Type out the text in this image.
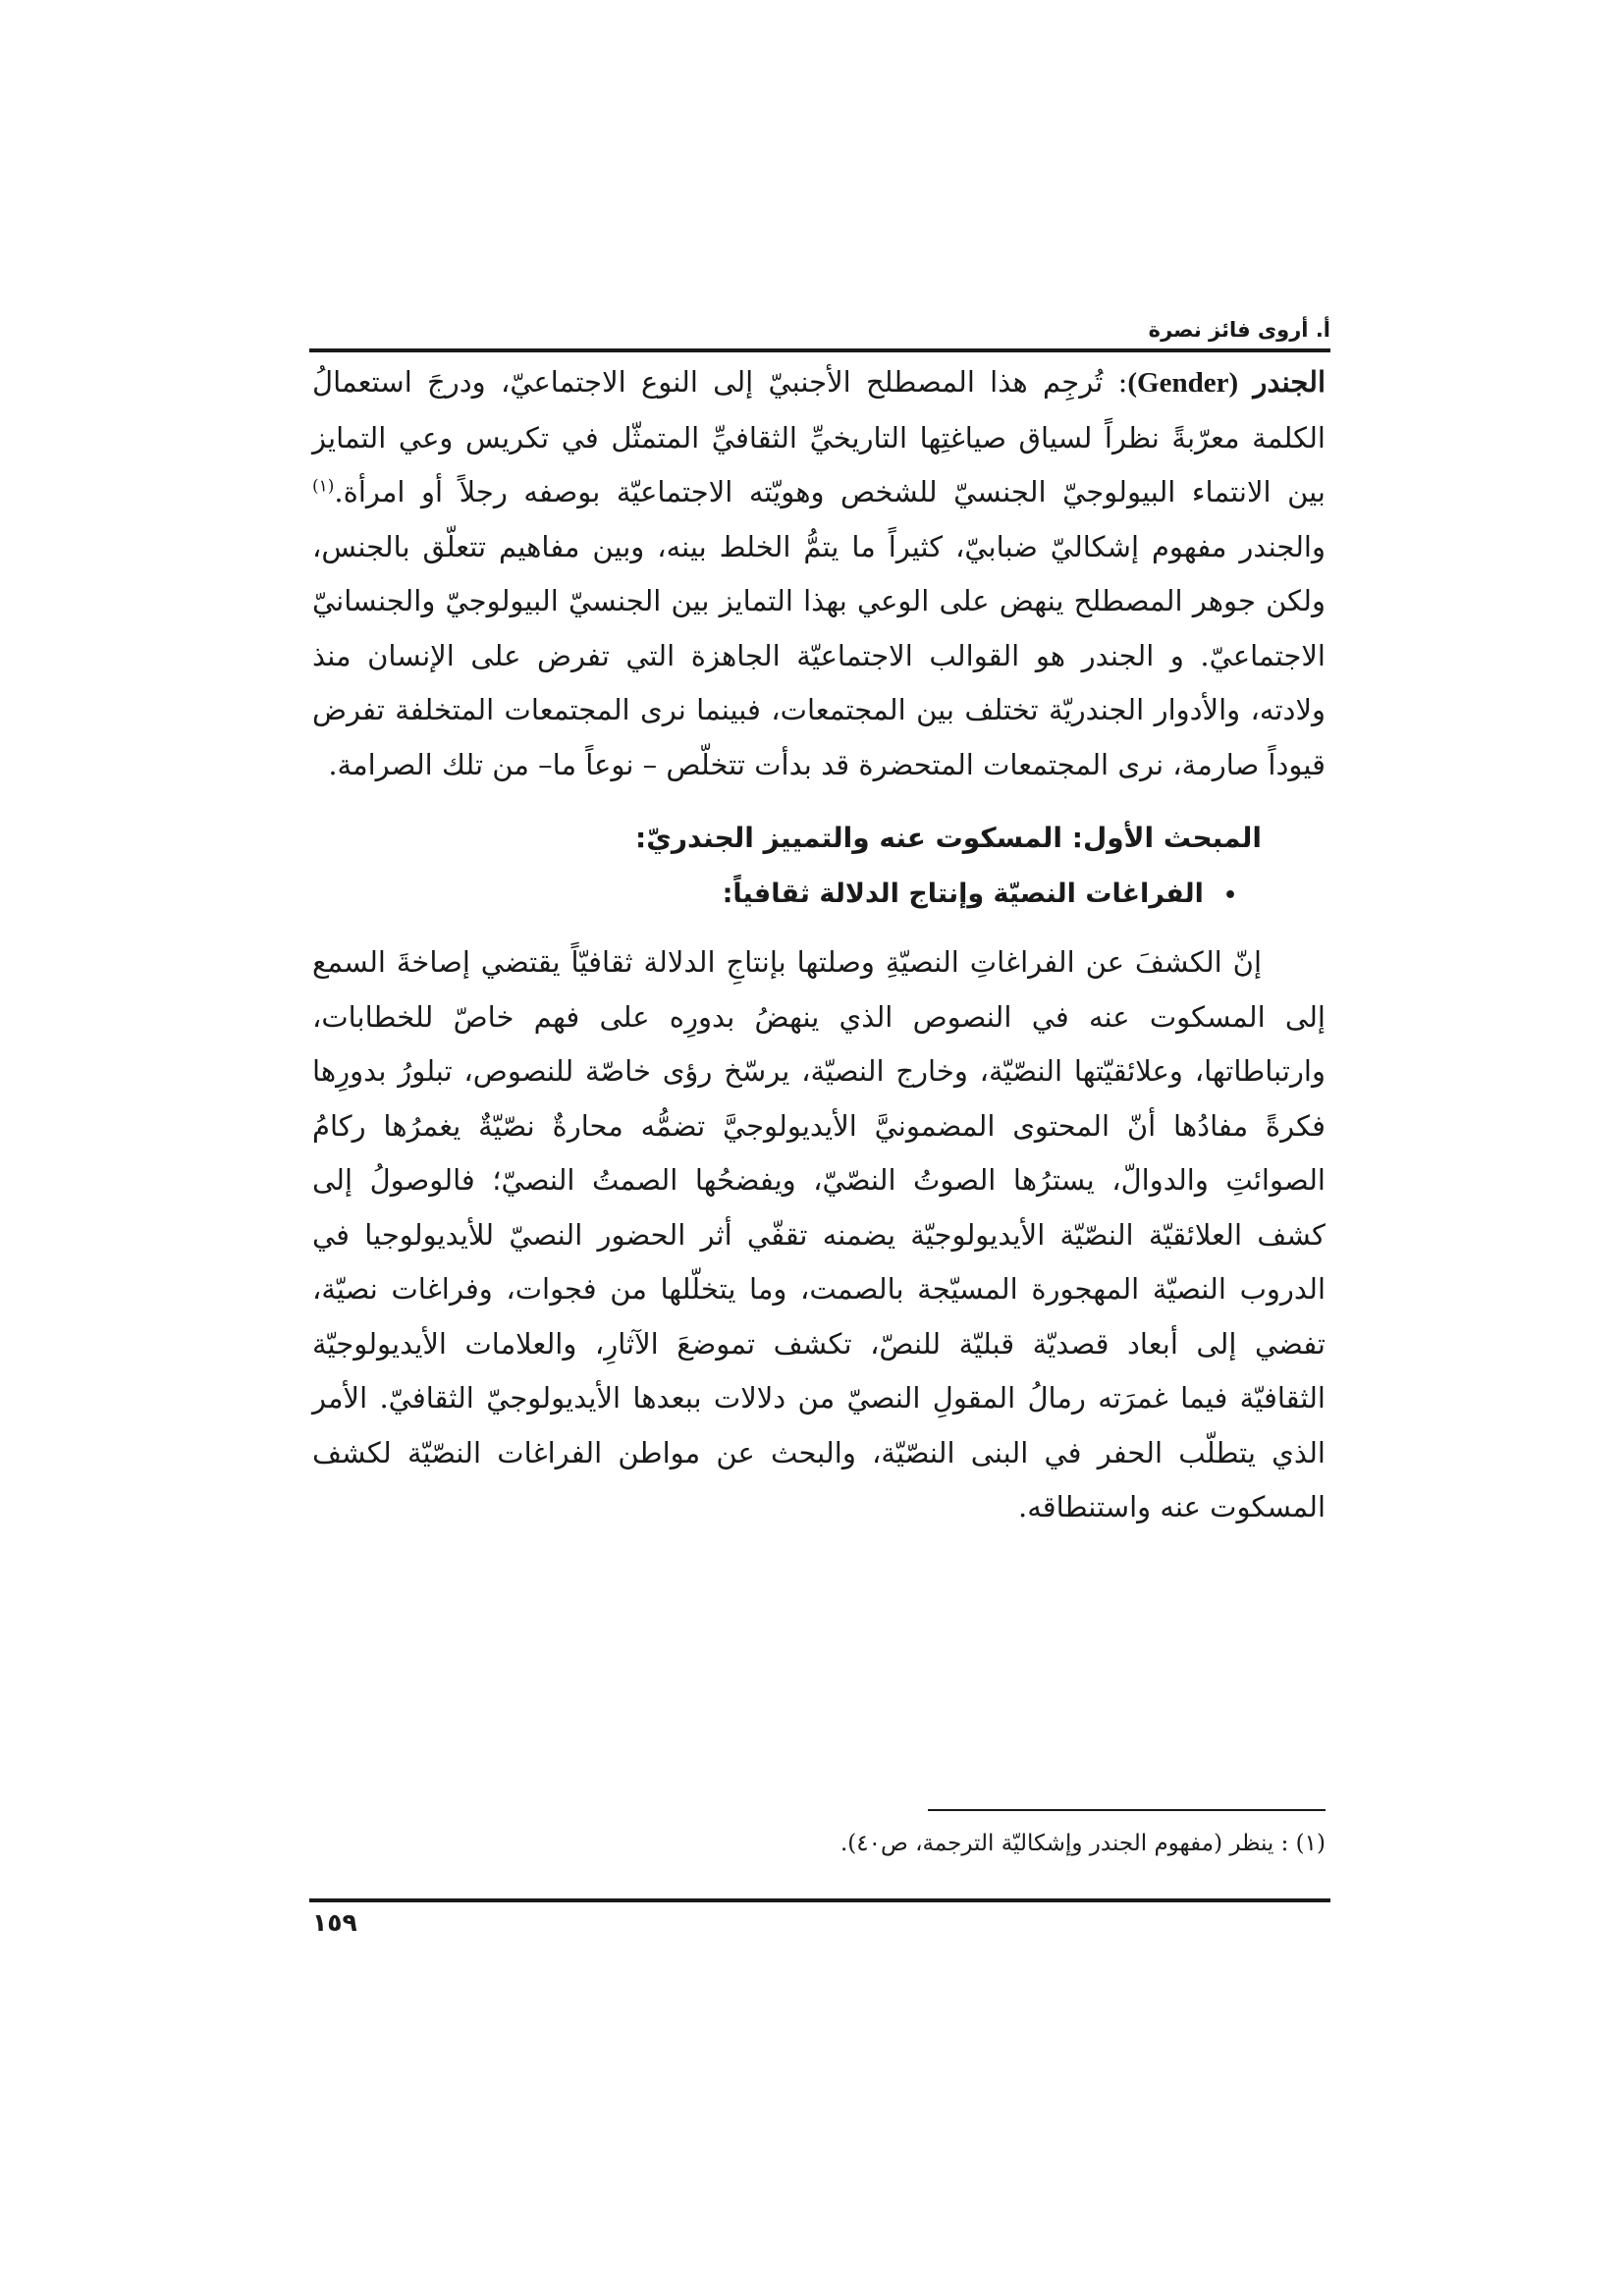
أ. أروى فائز نصرة

الجندر (Gender): تُرجِم هذا المصطلح الأجنبيّ إلى النوع الاجتماعيّ، ودرجَ استعمالُ الكلمة معرّبةً نظراً لسياق صياغتِها التاريخيِّ الثقافيِّ المتمثّل في تكريس وعي التمايز بين الانتماء البيولوجيّ الجنسيّ للشخص وهويّته الاجتماعيّة بوصفه رجلاً أو امرأة.$^{(١)}$ والجندر مفهوم إشكاليّ ضبابيّ، كثيراً ما يتمُّ الخلط بينه، وبين مفاهيم تتعلّق بالجنس، ولكن جوهر المصطلح ينهض على الوعي بهذا التمايز بين الجنسيّ البيولوجيّ والجنسانيّ الاجتماعيّ. و الجندر هو القوالب الاجتماعيّة الجاهزة التي تفرض على الإنسان منذ ولادته، والأدوار الجندريّة تختلف بين المجتمعات، فبينما نرى المجتمعات المتخلفة تفرض قيوداً صارمة، نرى المجتمعات المتحضرة قد بدأت تتخلّص – نوعاً ما– من تلك الصرامة.

المبحث الأول: المسكوت عنه والتمييز الجندريّ:

•الفراغات النصيّة وإنتاج الدلالة ثقافياً:

إنّ الكشفَ عن الفراغاتِ النصيّةِ وصلتها بإنتاجِ الدلالة ثقافيّاً يقتضي إصاخةَ السمع إلى المسكوت عنه في النصوص الذي ينهضُ بدورِه على فهم خاصّ للخطابات، وارتباطاتها، وعلائقيّتها النصّيّة، وخارج النصيّة، يرسّخ رؤى خاصّة للنصوص، تبلورُ بدورِها فكرةً مفادُها أنّ المحتوى المضمونيَّ الأيديولوجيَّ تضمُّه محارةٌ نصّيّةٌ يغمرُها ركامُ الصوائتِ والدوالّ، يسترُها الصوتُ النصّيّ، ويفضحُها الصمتُ النصيّ؛ فالوصولُ إلى كشف العلائقيّة النصّيّة الأيديولوجيّة يضمنه تقفّي أثر الحضور النصيّ للأيديولوجيا في الدروب النصيّة المهجورة المسيّجة بالصمت، وما يتخلّلها من فجوات، وفراغات نصيّة، تفضي إلى أبعاد قصديّة قبليّة للنصّ، تكشف تموضعَ الآثارِ، والعلامات الأيديولوجيّة الثقافيّة فيما غمرَته رمالُ المقولِ النصيّ من دلالات ببعدها الأيديولوجيّ الثقافيّ. الأمر الذي يتطلّب الحفر في البنى النصّيّة، والبحث عن مواطن الفراغات النصّيّة لكشف المسكوت عنه واستنطاقه.

(١) : ينظر (مفهوم الجندر وإشكاليّة الترجمة، ص٤٠).
١٥٩
